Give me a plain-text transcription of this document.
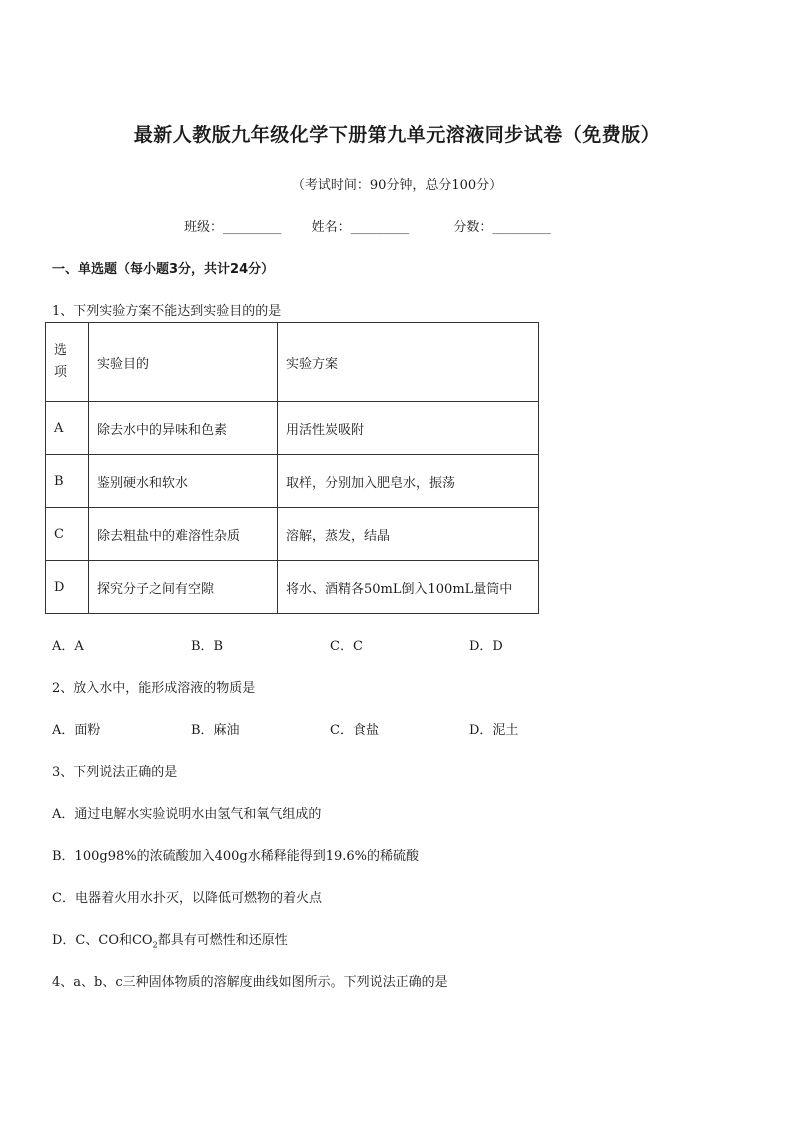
最新人教版九年级化学下册第九单元溶液同步试卷（免费版）
（考试时间：90分钟，总分100分）
班级：_________ 姓名：_________	分数：_________
一、单选题（每小题3分，共计24分）
1、下列实验方案不能达到实验目的的是
选
项	实验目的	实验方案
A	除去水中的异味和色素	用活性炭吸附
B	鉴别硬水和软水	取样，分别加入肥皂水，振荡
C	除去粗盐中的难溶性杂质	溶解，蒸发，结晶
D	探究分子之间有空隙	将水、酒精各50mL倒入100mL量筒中
A．A	B．B	C．C	D．D
2、放入水中，能形成溶液的物质是
A．面粉	B．麻油	C．食盐	D．泥土
3、下列说法正确的是
A．通过电解水实验说明水由氢气和氧气组成的
B．100g98%的浓硫酸加入400g水稀释能得到19.6%的稀硫酸
C．电器着火用水扑灭，以降低可燃物的着火点
D．C、CO和$CO_2$都具有可燃性和还原性
4、a、b、c三种固体物质的溶解度曲线如图所示。下列说法正确的是
